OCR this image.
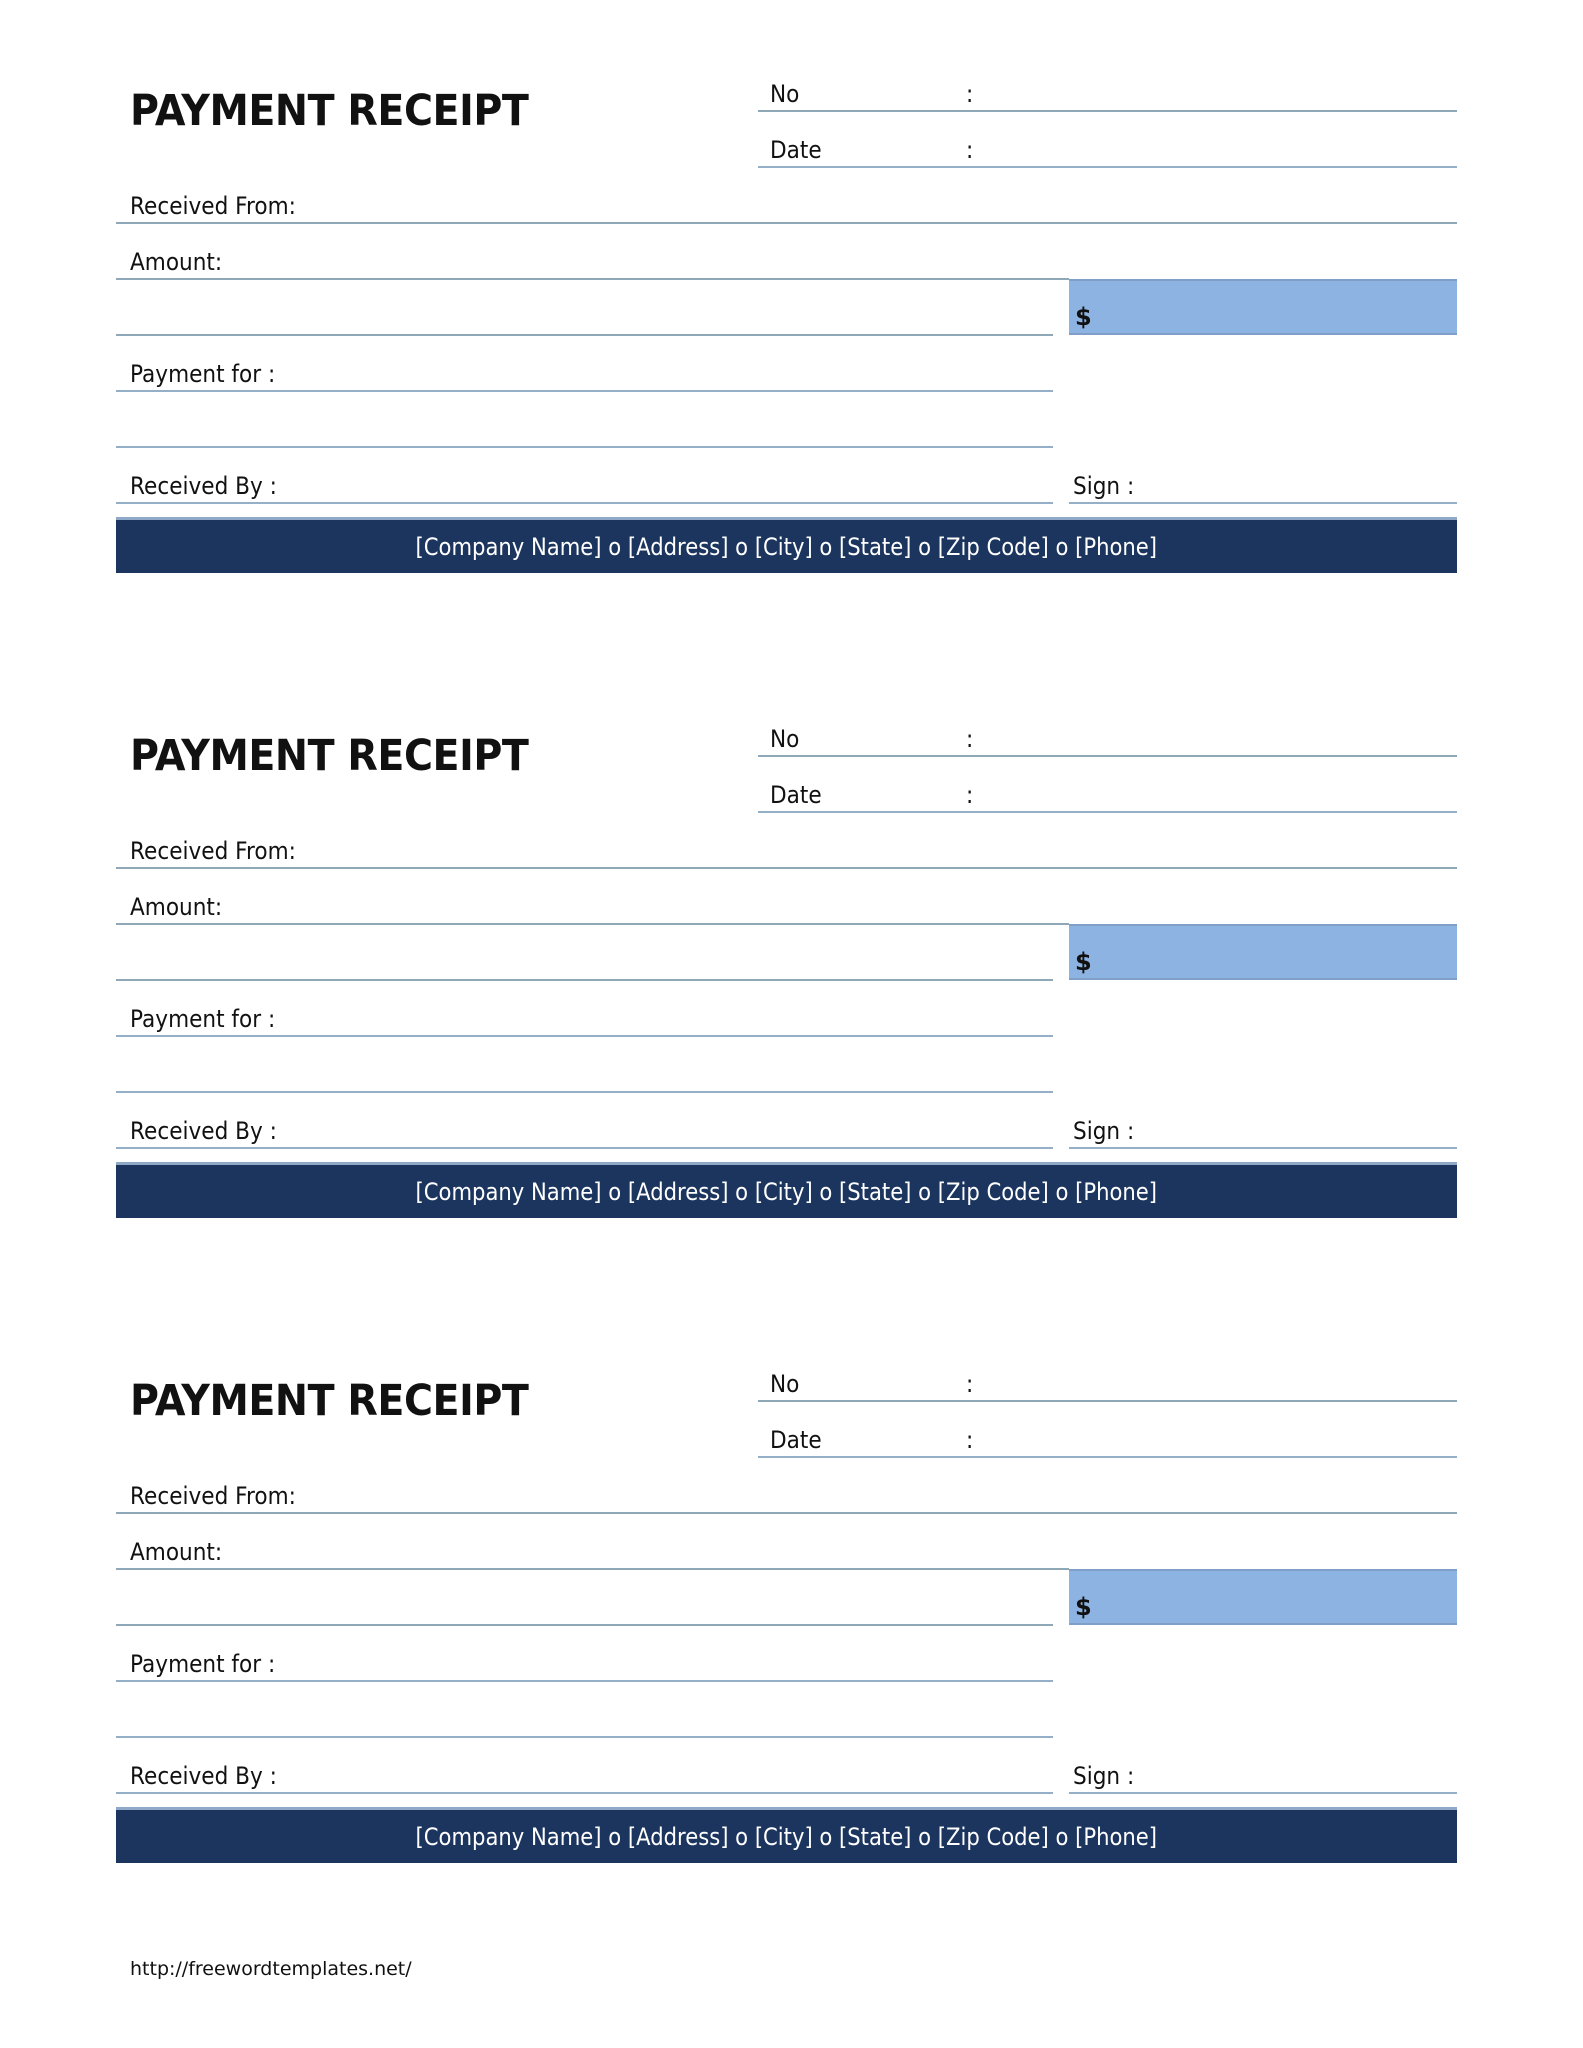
PAYMENT RECEIPT	No	:
Date	:
Received From:
Amount:
$
Payment for :
Received By :	Sign :
[Company Name] o [Address] o [City] o [State] o [Zip Code] o [Phone]
PAYMENT RECEIPT	No	:
Date	:
Received From:
Amount:
$
Payment for :
Received By :	Sign :
[Company Name] o [Address] o [City] o [State] o [Zip Code] o [Phone]
PAYMENT RECEIPT	No	:
Date	:
Received From:
Amount:
$
Payment for :
Received By :	Sign :
[Company Name] o [Address] o [City] o [State] o [Zip Code] o [Phone]
http://freewordtemplates.net/
